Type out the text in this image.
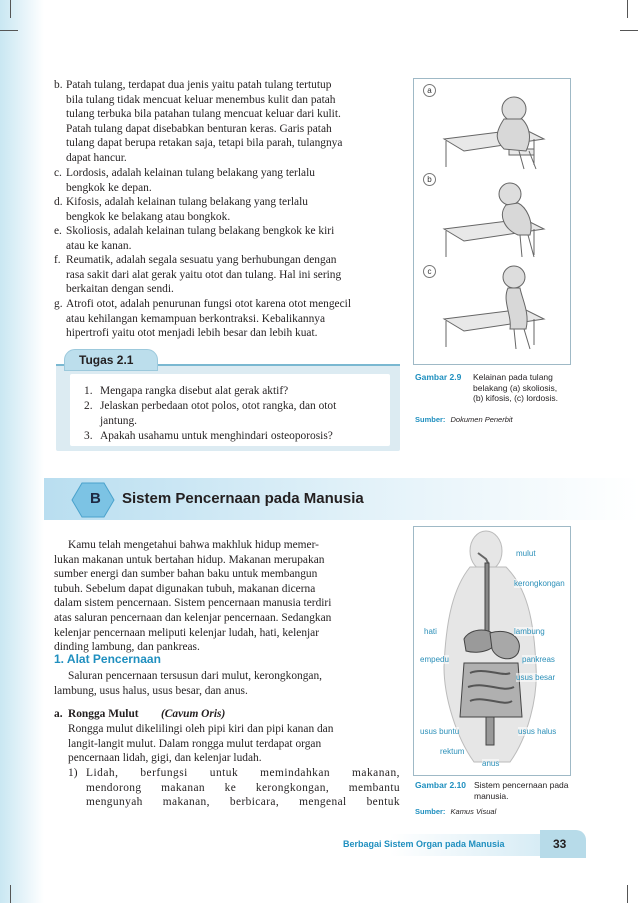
b. Patah tulang, terdapat dua jenis yaitu patah tulang tertutup
bila tulang tidak mencuat keluar menembus kulit dan patah
tulang terbuka bila patahan tulang mencuat keluar dari kulit.
Patah tulang dapat disebabkan benturan keras. Garis patah
tulang dapat berupa retakan saja, tetapi bila parah, tulangnya
dapat hancur.
c. Lordosis, adalah kelainan tulang belakang yang terlalu
bengkok ke depan.
d. Kifosis, adalah kelainan tulang belakang yang terlalu
bengkok ke belakang atau bongkok.
e. Skoliosis, adalah kelainan tulang belakang bengkok ke kiri
atau ke kanan.
f. Reumatik, adalah segala sesuatu yang berhubungan dengan
rasa sakit dari alat gerak yaitu otot dan tulang. Hal ini sering
berkaitan dengan sendi.
g. Atrofi otot, adalah penurunan fungsi otot karena otot mengecil
atau kehilangan kemampuan berkontraksi. Kebalikannya
hipertrofi yaitu otot menjadi lebih besar dan lebih kuat.
1. Mengapa rangka disebut alat gerak aktif?
2. Jelaskan perbedaan otot polos, otot rangka, dan otot
jantung.
3. Apakah usahamu untuk menghindari osteoporosis?
Tugas 2.1
a
b
c
Gambar 2.9 Kelainan pada tulang
belakang (a) skoliosis,
(b) kifosis, (c) lordosis.
Sumber: Dokumen Penerbit
B Sistem Pencernaan pada Manusia
Kamu telah mengetahui bahwa makhluk hidup memer-
lukan makanan untuk bertahan hidup. Makanan merupakan
sumber energi dan sumber bahan baku untuk membangun
tubuh. Sebelum dapat digunakan tubuh, makanan dicerna
dalam sistem pencernaan. Sistem pencernaan manusia terdiri
atas saluran pencernaan dan kelenjar pencernaan. Sedangkan
kelenjar pencernaan meliputi kelenjar ludah, hati, kelenjar
dinding lambung, dan pankreas.
1. Alat Pencernaan
Saluran pencernaan tersusun dari mulut, kerongkongan,
lambung, usus halus, usus besar, dan anus.
a. Rongga Mulut (Cavum Oris)
Rongga mulut dikelilingi oleh pipi kiri dan pipi kanan dan
langit-langit mulut. Dalam rongga mulut terdapat organ
pencernaan lidah, gigi, dan kelenjar ludah.
1) Lidah, berfungsi untuk memindahkan makanan,
mendorong makanan ke kerongkongan, membantu
mengunyah makanan, berbicara, mengenal bentuk
mulut
kerongkongan
hati	lambung
empedu	pankreas
usus besar
usus buntu	usus halus
rektum
anus
Gambar 2.10 Sistem pencernaan pada
manusia.
Sumber: Kamus Visual
Berbagai Sistem Organ pada Manusia	33
